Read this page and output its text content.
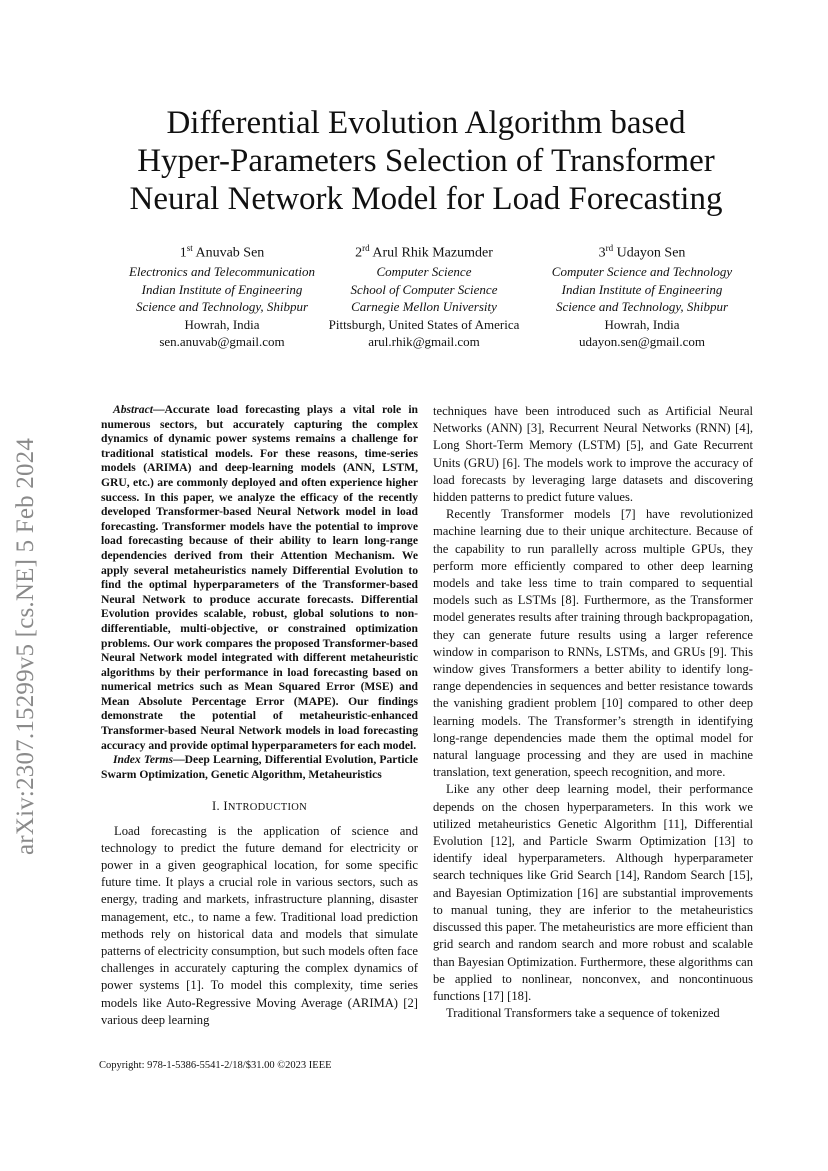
arXiv:2307.15299v5 [cs.NE] 5 Feb 2024
Differential Evolution Algorithm based
Hyper-Parameters Selection of Transformer
Neural Network Model for Load Forecasting
1st Anuvab Sen
Electronics and Telecommunication
Indian Institute of Engineering
Science and Technology, Shibpur
Howrah, India
sen.anuvab@gmail.com
2rd Arul Rhik Mazumder
Computer Science
School of Computer Science
Carnegie Mellon University
Pittsburgh, United States of America
arul.rhik@gmail.com
3rd Udayon Sen
Computer Science and Technology
Indian Institute of Engineering
Science and Technology, Shibpur
Howrah, India
udayon.sen@gmail.com
Abstract—Accurate load forecasting plays a vital role in numerous sectors, but accurately capturing the complex dynamics of dynamic power systems remains a challenge for traditional statistical models. For these reasons, time-series models (ARIMA) and deep-learning models (ANN, LSTM, GRU, etc.) are commonly deployed and often experience higher success. In this paper, we analyze the efficacy of the recently developed Transformer-based Neural Network model in load forecasting. Transformer models have the potential to improve load forecasting because of their ability to learn long-range dependencies derived from their Attention Mechanism. We apply several metaheuristics namely Differential Evolution to find the optimal hyperparameters of the Transformer-based Neural Network to produce accurate forecasts. Differential Evolution provides scalable, robust, global solutions to non-differentiable, multi-objective, or constrained optimization problems. Our work compares the proposed Transformer-based Neural Network model integrated with different metaheuristic algorithms by their performance in load forecasting based on numerical metrics such as Mean Squared Error (MSE) and Mean Absolute Percentage Error (MAPE). Our findings demonstrate the potential of metaheuristic-enhanced Transformer-based Neural Network models in load forecasting accuracy and provide optimal hyperparameters for each model.
Index Terms—Deep Learning, Differential Evolution, Particle Swarm Optimization, Genetic Algorithm, Metaheuristics
I. INTRODUCTION

Load forecasting is the application of science and technology to predict the future demand for electricity or power in a given geographical location, for some specific future time. It plays a crucial role in various sectors, such as energy, trading and markets, infrastructure planning, disaster management, etc., to name a few. Traditional load prediction methods rely on historical data and models that simulate patterns of electricity consumption, but such models often face challenges in accurately capturing the complex dynamics of power systems [1]. To model this complexity, time series models like Auto-Regressive Moving Average (ARIMA) [2] various deep learning

techniques have been introduced such as Artificial Neural Networks (ANN) [3], Recurrent Neural Networks (RNN) [4], Long Short-Term Memory (LSTM) [5], and Gate Recurrent Units (GRU) [6]. The models work to improve the accuracy of load forecasts by leveraging large datasets and discovering hidden patterns to predict future values.

Recently Transformer models [7] have revolutionized machine learning due to their unique architecture. Because of the capability to run parallelly across multiple GPUs, they perform more efficiently compared to other deep learning models and take less time to train compared to sequential models such as LSTMs [8]. Furthermore, as the Transformer model generates results after training through backpropagation, they can generate future results using a larger reference window in comparison to RNNs, LSTMs, and GRUs [9]. This window gives Transformers a better ability to identify long-range dependencies in sequences and better resistance towards the vanishing gradient problem [10] compared to other deep learning models. The Transformer’s strength in identifying long-range dependencies made them the optimal model for natural language processing and they are used in machine translation, text generation, speech recognition, and more.

Like any other deep learning model, their performance depends on the chosen hyperparameters. In this work we utilized metaheuristics Genetic Algorithm [11], Differential Evolution [12], and Particle Swarm Optimization [13] to identify ideal hyperparameters. Although hyperparameter search techniques like Grid Search [14], Random Search [15], and Bayesian Optimization [16] are substantial improvements to manual tuning, they are inferior to the metaheuristics discussed this paper. The metaheuristics are more efficient than grid search and random search and more robust and scalable than Bayesian Optimization. Furthermore, these algorithms can be applied to nonlinear, nonconvex, and noncontinuous functions [17] [18].

Traditional Transformers take a sequence of tokenized

Copyright: 978-1-5386-5541-2/18/$31.00 ©2023 IEEE
